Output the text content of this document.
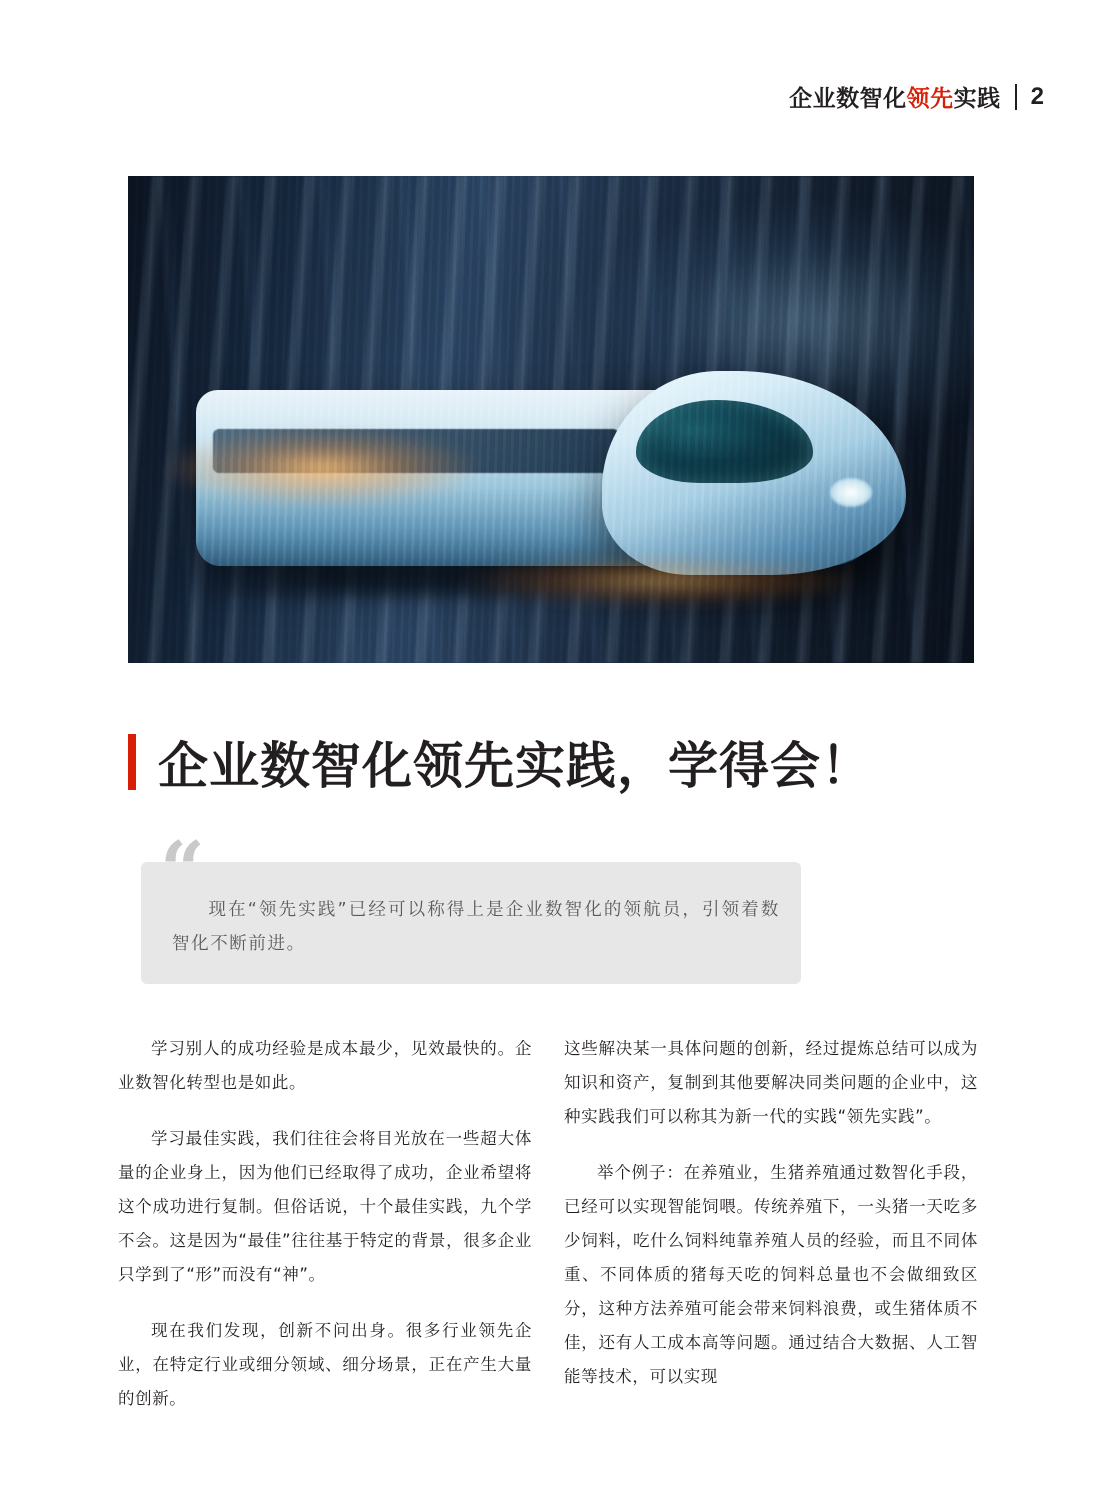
企业数智化领先实践 2
企业数智化领先实践，学得会！
“ 现在“领先实践”已经可以称得上是企业数智化的领航员，引领着数智化不断前进。

学习别人的成功经验是成本最少，见效最快的。企业数智化转型也是如此。

学习最佳实践，我们往往会将目光放在一些超大体量的企业身上，因为他们已经取得了成功，企业希望将这个成功进行复制。但俗话说，十个最佳实践，九个学不会。这是因为“最佳”往往基于特定的背景，很多企业只学到了“形”而没有“神”。

现在我们发现，创新不问出身。很多行业领先企业，在特定行业或细分领域、细分场景，正在产生大量的创新。

这些解决某一具体问题的创新，经过提炼总结可以成为知识和资产，复制到其他要解决同类问题的企业中，这种实践我们可以称其为新一代的实践“领先实践”。

举个例子：在养殖业，生猪养殖通过数智化手段，已经可以实现智能饲喂。传统养殖下，一头猪一天吃多少饲料，吃什么饲料纯靠养殖人员的经验，而且不同体重、不同体质的猪每天吃的饲料总量也不会做细致区分，这种方法养殖可能会带来饲料浪费，或生猪体质不佳，还有人工成本高等问题。通过结合大数据、人工智能等技术，可以实现
